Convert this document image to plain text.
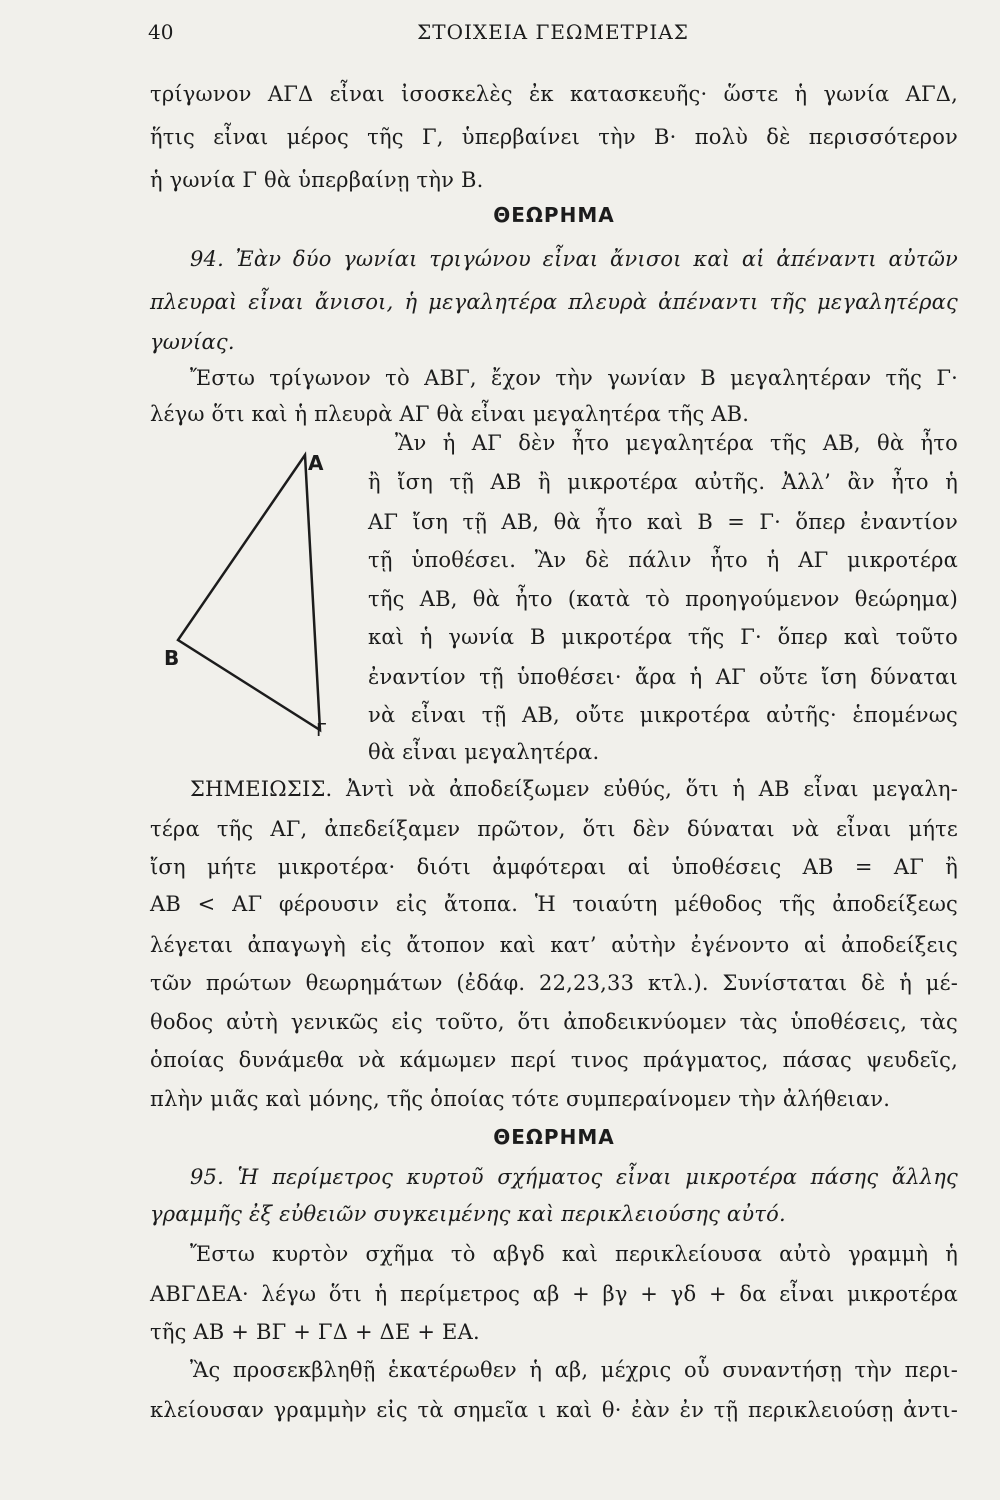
40	ΣΤΟΙΧΕΙΑ ΓΕΩΜΕΤΡΙΑΣ
τρίγωνον ΑΓΔ εἶναι ἰσοσκελὲς ἐκ κατασκευῆς· ὥστε ἡ γωνία ΑΓΔ,
ἥτις εἶναι μέρος τῆς Γ, ὑπερβαίνει τὴν Β· πολὺ δὲ περισσότερον
ἡ γωνία Γ θὰ ὑπερβαίνῃ τὴν Β.
ΘΕΩΡΗΜΑ
94. Ἐὰν δύο γωνίαι τριγώνου εἶναι ἄνισοι καὶ αἱ ἀπέναντι αὐτῶν
πλευραὶ εἶναι ἄνισοι, ἡ μεγαλητέρα πλευρὰ ἀπέναντι τῆς μεγαλητέρας
γωνίας.
Ἔστω τρίγωνον τὸ ΑΒΓ, ἔχον τὴν γωνίαν Β μεγαλητέραν τῆς Γ·
λέγω ὅτι καὶ ἡ πλευρὰ ΑΓ θὰ εἶναι μεγαλητέρα τῆς ΑΒ.
Ἂν ἡ ΑΓ δὲν ἦτο μεγαλητέρα τῆς ΑΒ, θὰ ἦτο
ἢ ἴση τῇ ΑΒ ἢ μικροτέρα αὐτῆς. Ἀλλ’ ἂν ἦτο ἡ
ΑΓ ἴση τῇ ΑΒ, θὰ ἦτο καὶ Β = Γ· ὅπερ ἐναντίον
τῇ ὑποθέσει. Ἂν δὲ πάλιν ἦτο ἡ ΑΓ μικροτέρα
τῆς ΑΒ, θὰ ἦτο (κατὰ τὸ προηγούμενον θεώρημα)
καὶ ἡ γωνία Β μικροτέρα τῆς Γ· ὅπερ καὶ τοῦτο
ἐναντίον τῇ ὑποθέσει· ἄρα ἡ ΑΓ οὔτε ἴση δύναται
νὰ εἶναι τῇ ΑΒ, οὔτε μικροτέρα αὐτῆς· ἑπομένως
θὰ εἶναι μεγαλητέρα.
Α
Β
Γ
ΣΗΜΕΙΩΣΙΣ. Ἀντὶ νὰ ἀποδείξωμεν εὐθύς, ὅτι ἡ ΑΒ εἶναι μεγαλη-
τέρα τῆς ΑΓ, ἀπεδείξαμεν πρῶτον, ὅτι δὲν δύναται νὰ εἶναι μήτε
ἴση μήτε μικροτέρα· διότι ἀμφότεραι αἱ ὑποθέσεις ΑΒ = ΑΓ ἢ
ΑΒ < ΑΓ φέρουσιν εἰς ἄτοπα. Ἡ τοιαύτη μέθοδος τῆς ἀποδείξεως
λέγεται ἀπαγωγὴ εἰς ἄτοπον καὶ κατ’ αὐτὴν ἐγένοντο αἱ ἀποδείξεις
τῶν πρώτων θεωρημάτων (ἐδάφ. 22,23,33 κτλ.). Συνίσταται δὲ ἡ μέ-
θοδος αὐτὴ γενικῶς εἰς τοῦτο, ὅτι ἀποδεικνύομεν τὰς ὑποθέσεις, τὰς
ὁποίας δυνάμεθα νὰ κάμωμεν περί τινος πράγματος, πάσας ψευδεῖς,
πλὴν μιᾶς καὶ μόνης, τῆς ὁποίας τότε συμπεραίνομεν τὴν ἀλήθειαν.
ΘΕΩΡΗΜΑ
95. Ἡ περίμετρος κυρτοῦ σχήματος εἶναι μικροτέρα πάσης ἄλλης
γραμμῆς ἐξ εὐθειῶν συγκειμένης καὶ περικλειούσης αὐτό.
Ἔστω κυρτὸν σχῆμα τὸ αβγδ καὶ περικλείουσα αὐτὸ γραμμὴ ἡ
ΑΒΓΔΕΑ· λέγω ὅτι ἡ περίμετρος αβ + βγ + γδ + δα εἶναι μικροτέρα
τῆς ΑΒ + ΒΓ + ΓΔ + ΔΕ + ΕΑ.
Ἂς προσεκβληθῇ ἑκατέρωθεν ἡ αβ, μέχρις οὗ συναντήσῃ τὴν περι-
κλείουσαν γραμμὴν εἰς τὰ σημεῖα ι καὶ θ· ἐὰν ἐν τῇ περικλειούσῃ ἀντι-
